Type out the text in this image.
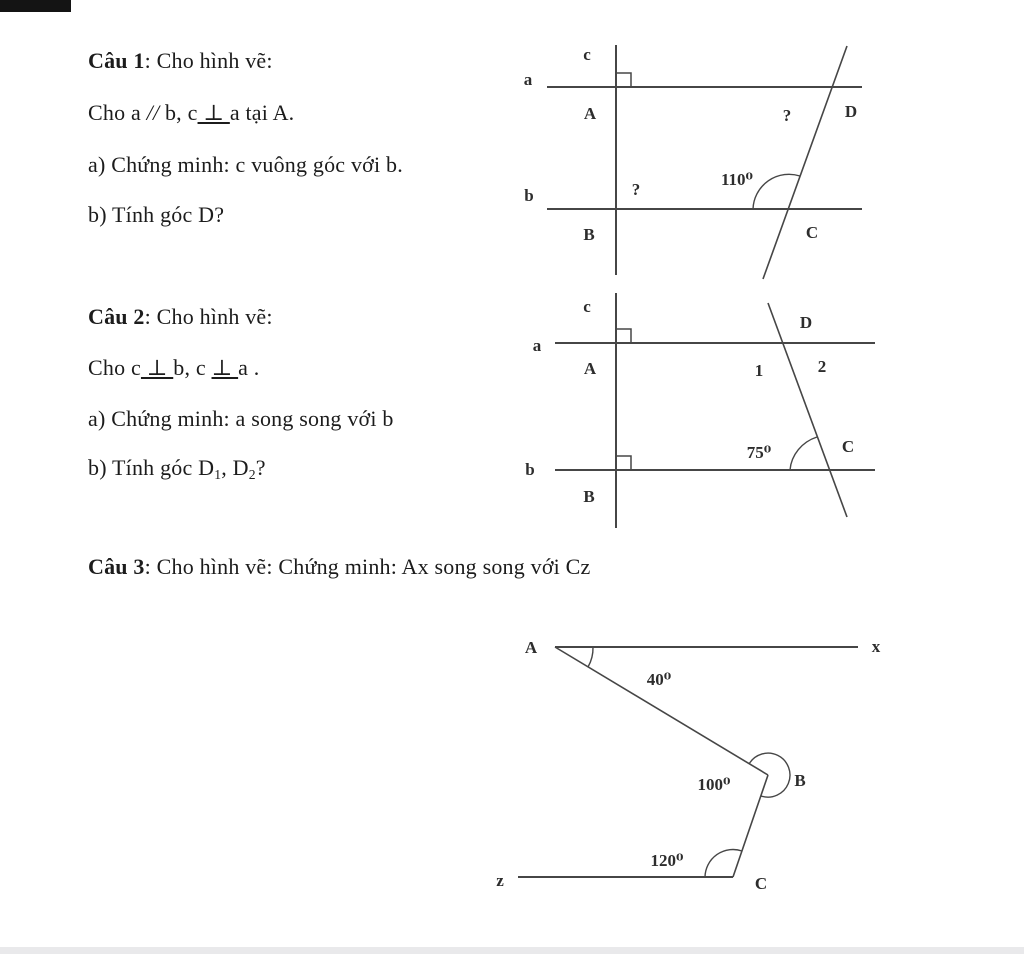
Câu 1: Cho hình vẽ:
Cho a // b, c ⊥ a tại A.
a) Chứng minh: c vuông góc với b.
b) Tính góc D?
c
a
A	?	D
110⁰
?
b
B	C
Câu 2: Cho hình vẽ:
Cho c ⊥ b, c ⊥ a .
a) Chứng minh: a song song với b
b) Tính góc $D_1$, $D_2$?
c
a
A
D
1	2
75⁰	C
b
B
Câu 3: Cho hình vẽ: Chứng minh: Ax song song với Cz
A	x
40⁰
100⁰	B
120⁰
C
z
